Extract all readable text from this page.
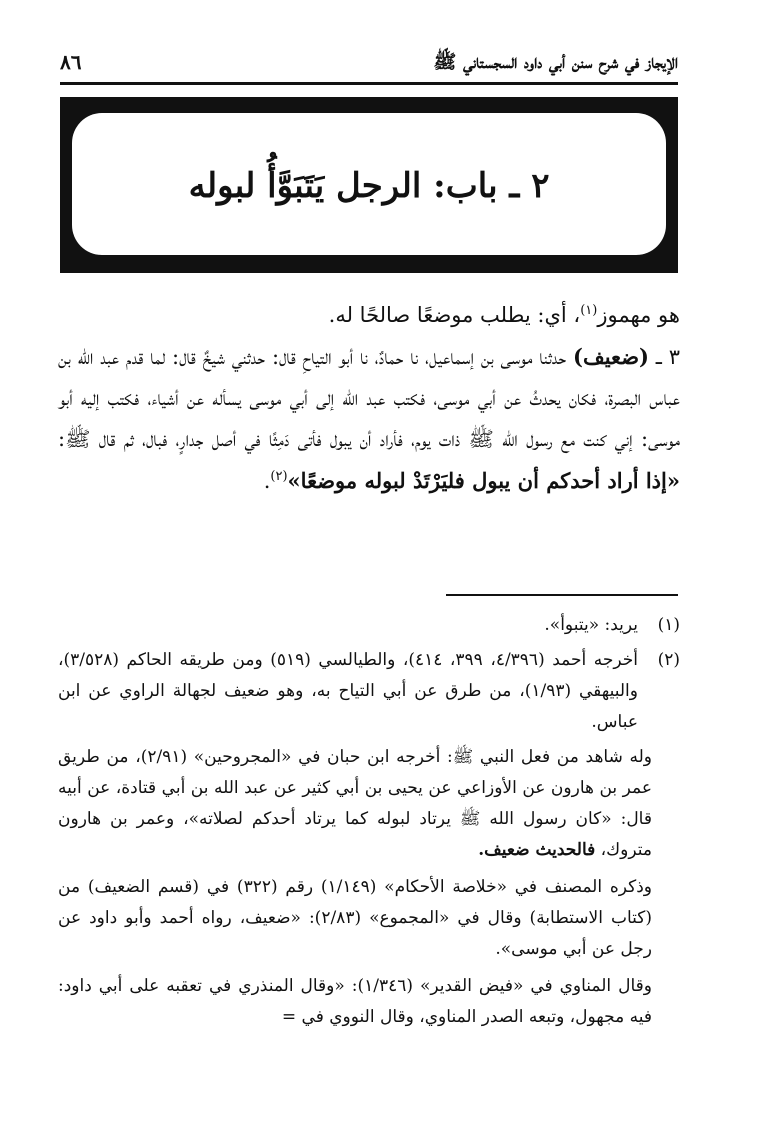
٨٦	الإيجاز في شرح سنن أبي داود السجستاني ﷺ
٢ ـ باب: الرجل يَتَبَوَّأُ لبوله

هو مهموز$^{(١)}$، أي: يطلب موضعًا صالحًا له.

٣ ـ (ضعيف) حدثنا موسى بن إسماعيل، نا حمادٌ، نا أبو التياحِ قال: حدثني شيخٌ قال: لما قدم عبد الله بن عباس البصرة، فكان يحدثُ عن أبي موسى، فكتب عبد الله إلى أبي موسى يسأله عن أشياء، فكتب إليه أبو موسى: إني كنت مع رسول الله ﷺ ذات يوم، فأراد أن يبول فأتى دَمِثًا في أصل جدارٍ، فبال، ثم قال ﷺ: «إذا أراد أحدكم أن يبول فليَرْتَدْ لبوله موضعًا»$^{(٢)}$.

(١)
يريد: «يتبوأ».
(٢)
أخرجه أحمد (٤/٣٩٦، ٣٩٩، ٤١٤)، والطيالسي (٥١٩) ومن طريقه الحاكم (٣/٥٢٨)، والبيهقي (١/٩٣)، من طرق عن أبي التياح به، وهو ضعيف لجهالة الراوي عن ابن عباس.
وله شاهد من فعل النبي ﷺ: أخرجه ابن حبان في «المجروحين» (٢/٩١)، من طريق عمر بن هارون عن الأوزاعي عن يحيى بن أبي كثير عن عبد الله بن أبي قتادة، عن أبيه قال: «كان رسول الله ﷺ يرتاد لبوله كما يرتاد أحدكم لصلاته»، وعمر بن هارون متروك، فالحديث ضعيف.
وذكره المصنف في «خلاصة الأحكام» (١/١٤٩) رقم (٣٢٢) في (قسم الضعيف) من (كتاب الاستطابة) وقال في «المجموع» (٢/٨٣): «ضعيف، رواه أحمد وأبو داود عن رجل عن أبي موسى».
وقال المناوي في «فيض القدير» (١/٣٤٦): «وقال المنذري في تعقبه على أبي داود: فيه مجهول، وتبعه الصدر المناوي، وقال النووي في =
